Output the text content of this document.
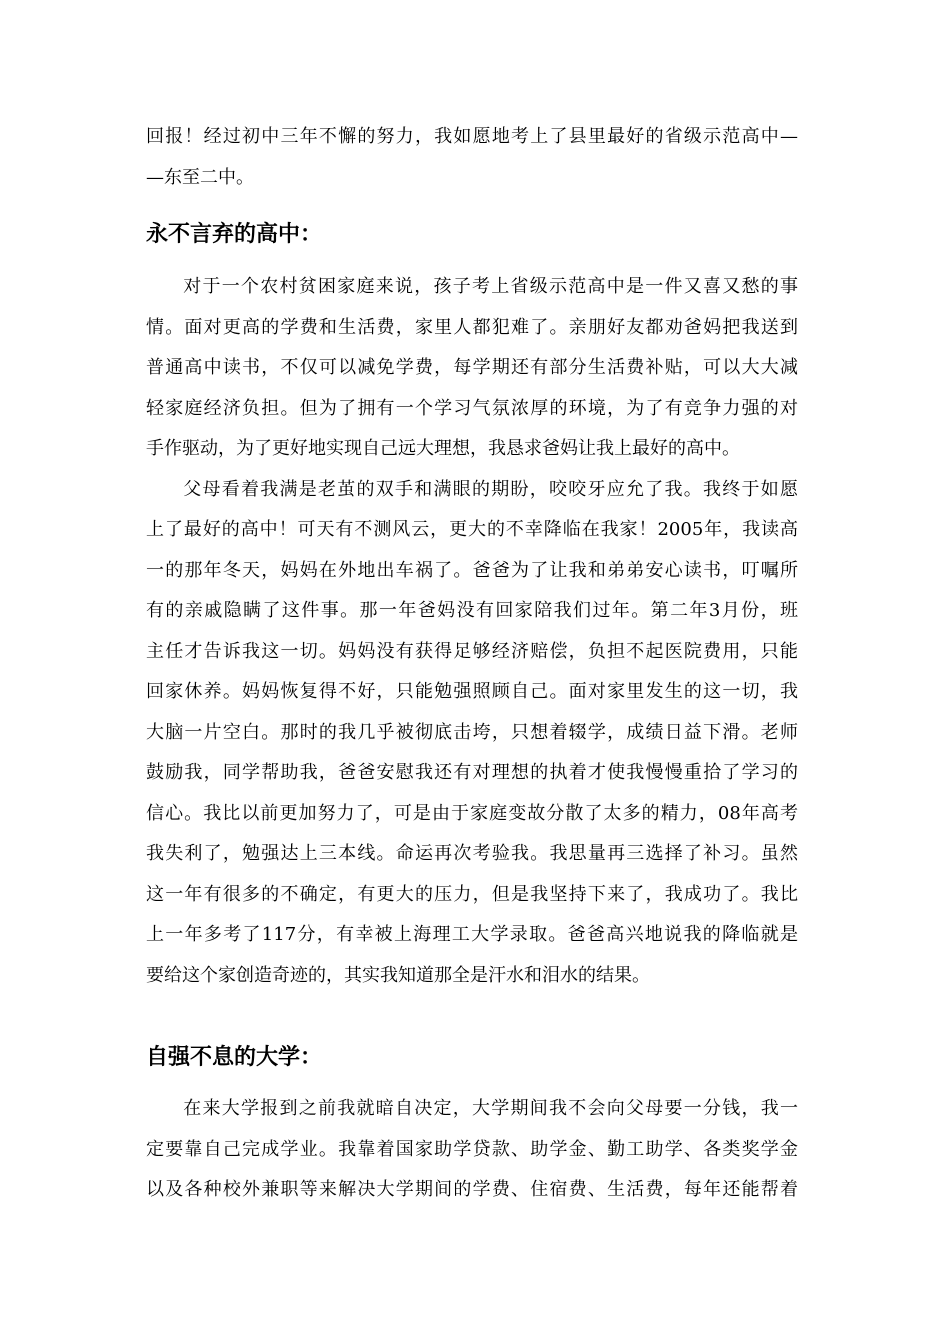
回报！经过初中三年不懈的努力，我如愿地考上了县里最好的省级示范高中—
—东至二中。
永不言弃的高中：
对于一个农村贫困家庭来说，孩子考上省级示范高中是一件又喜又愁的事
情。面对更高的学费和生活费，家里人都犯难了。亲朋好友都劝爸妈把我送到
普通高中读书，不仅可以减免学费，每学期还有部分生活费补贴，可以大大减
轻家庭经济负担。但为了拥有一个学习气氛浓厚的环境，为了有竞争力强的对
手作驱动，为了更好地实现自己远大理想，我恳求爸妈让我上最好的高中。
父母看着我满是老茧的双手和满眼的期盼，咬咬牙应允了我。我终于如愿
上了最好的高中！可天有不测风云，更大的不幸降临在我家！2005年，我读高
一的那年冬天，妈妈在外地出车祸了。爸爸为了让我和弟弟安心读书，叮嘱所
有的亲戚隐瞒了这件事。那一年爸妈没有回家陪我们过年。第二年3月份，班
主任才告诉我这一切。妈妈没有获得足够经济赔偿，负担不起医院费用，只能
回家休养。妈妈恢复得不好，只能勉强照顾自己。面对家里发生的这一切，我
大脑一片空白。那时的我几乎被彻底击垮，只想着辍学，成绩日益下滑。老师
鼓励我，同学帮助我，爸爸安慰我还有对理想的执着才使我慢慢重拾了学习的
信心。我比以前更加努力了，可是由于家庭变故分散了太多的精力，08年高考
我失利了，勉强达上三本线。命运再次考验我。我思量再三选择了补习。虽然
这一年有很多的不确定，有更大的压力，但是我坚持下来了，我成功了。我比
上一年多考了117分，有幸被上海理工大学录取。爸爸高兴地说我的降临就是
要给这个家创造奇迹的，其实我知道那全是汗水和泪水的结果。
自强不息的大学：
在来大学报到之前我就暗自决定，大学期间我不会向父母要一分钱，我一
定要靠自己完成学业。我靠着国家助学贷款、助学金、勤工助学、各类奖学金
以及各种校外兼职等来解决大学期间的学费、住宿费、生活费，每年还能帮着
